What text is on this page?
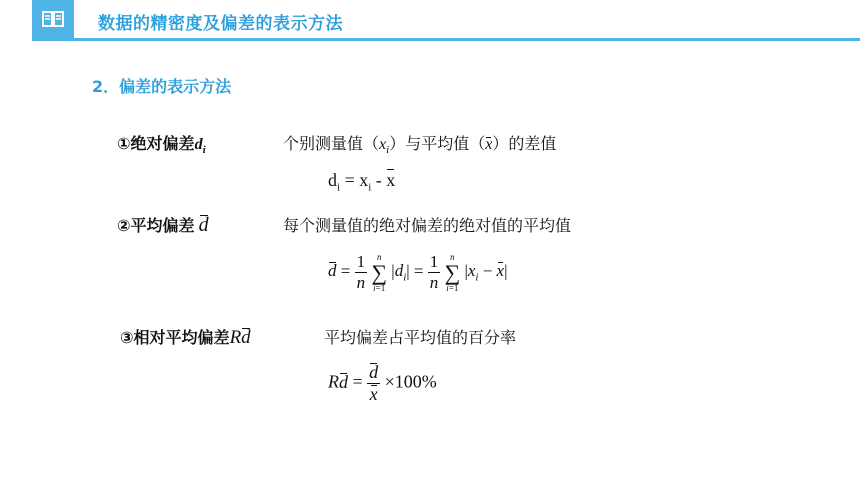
数据的精密度及偏差的表示方法
2．偏差的表示方法
①绝对偏差$d_i$	个别测量值$(x_i)$与平均值（x）的差值
$d_i = x_i - x$
②平均偏差 d	每个测量值的绝对偏差的绝对值的平均值
$d = \frac{1}{n}$
	n
∑
i=1
$|d_i| = \frac{1}{n}$
	n
∑
i=1
$|x_i - x|$
③相对平均偏差Rd	平均偏差占平均值的百分率
$Rd = \frac{d}{x} \times 100\%$
